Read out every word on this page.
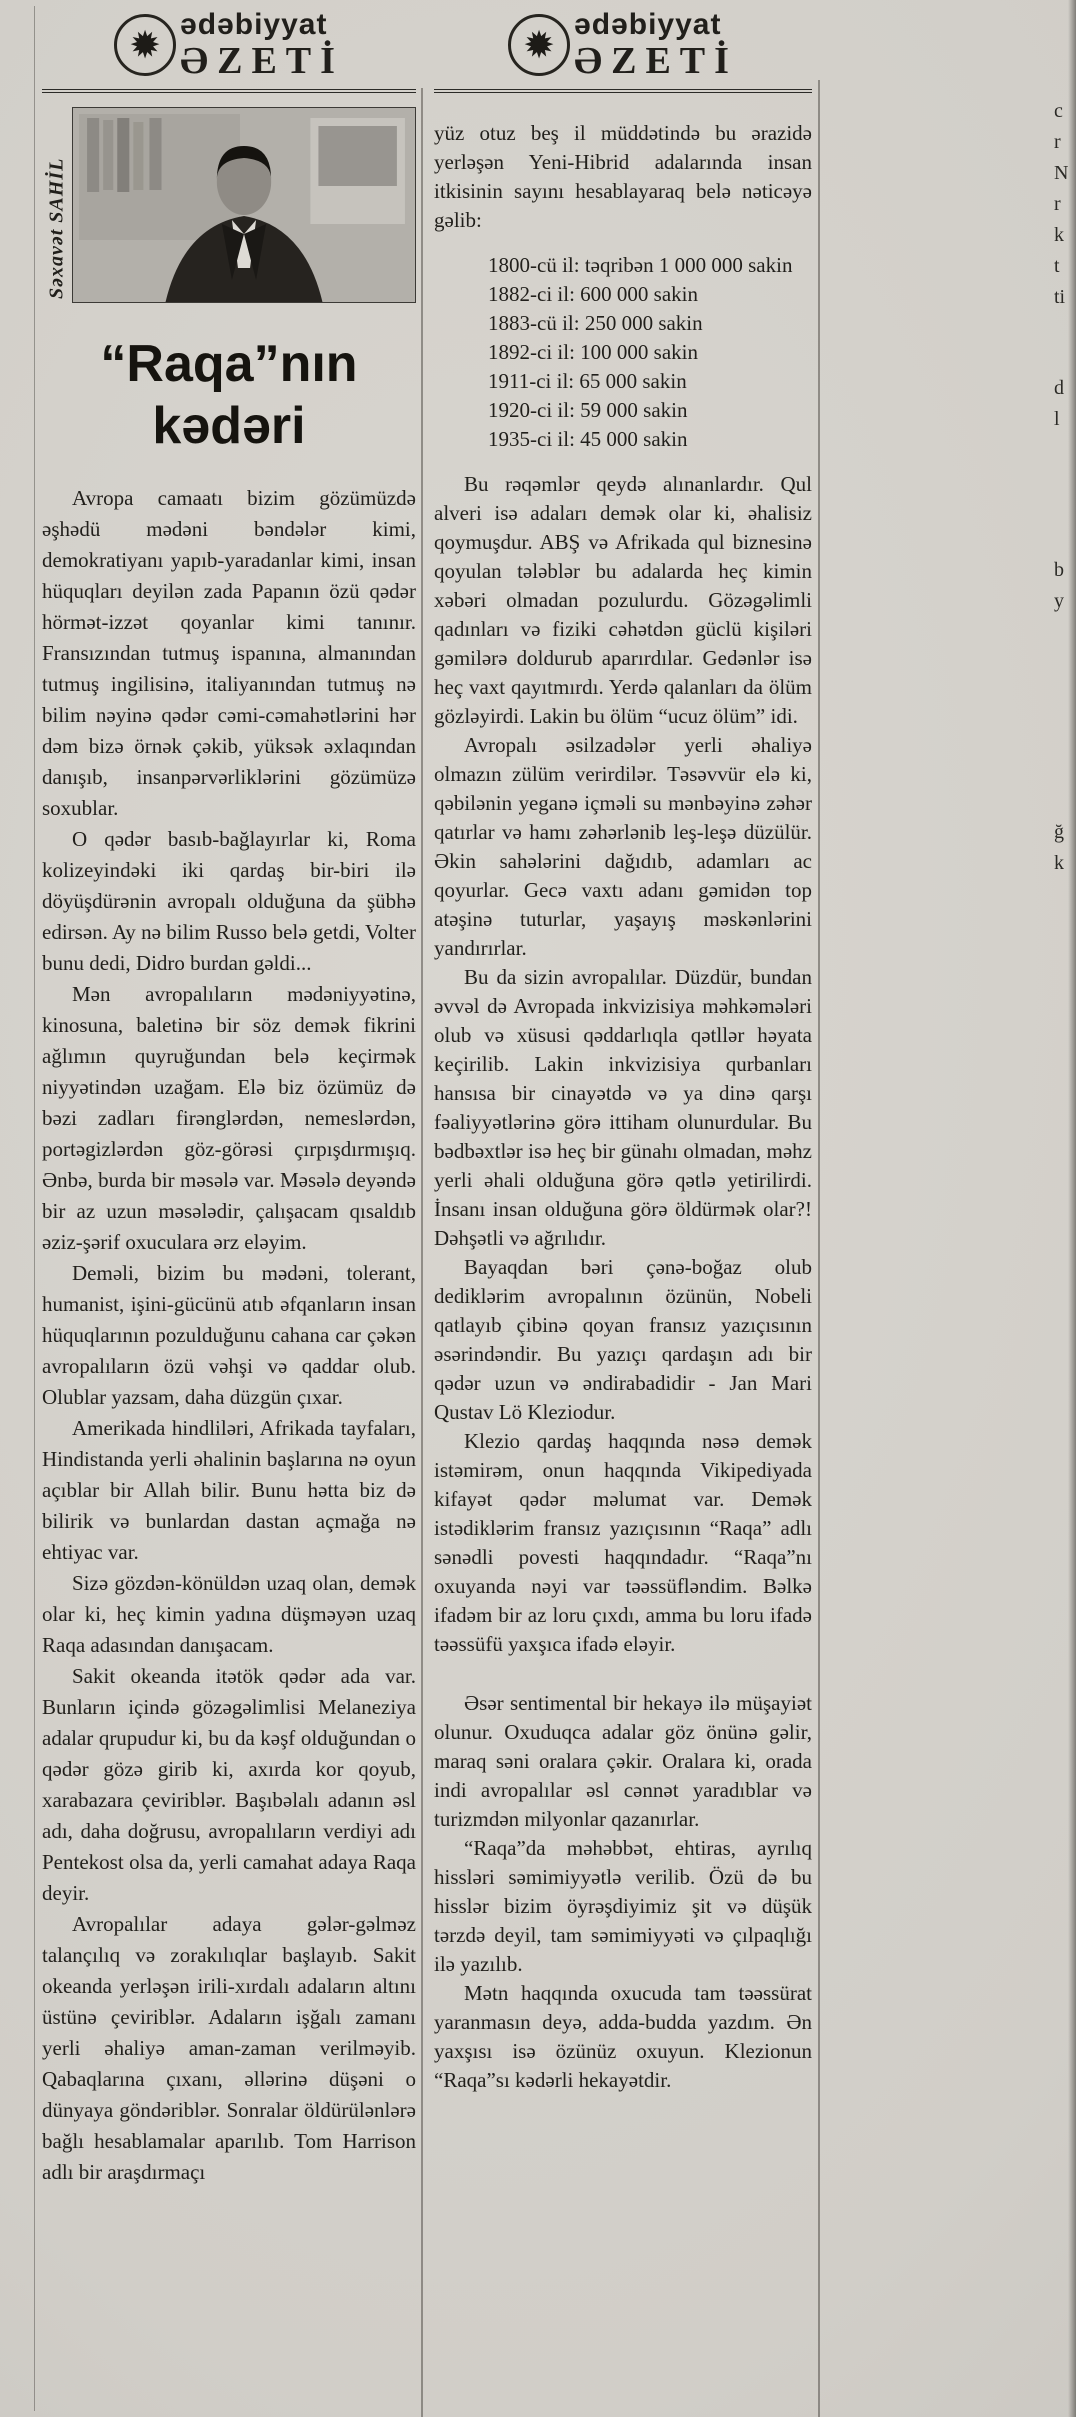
✹ ədəbiyyat
ƏZETİ
Səxavət SAHİL
“Raqa”nın
kədəri

Avropa camaatı bizim gözümüzdə əşhədü mədəni bəndələr kimi, demokratiyanı yapıb-yaradanlar kimi, insan hüquqları deyilən zada Papanın özü qədər hörmət-izzət qoyanlar kimi tanınır. Fransızından tutmuş ispanına, almanından tutmuş ingilisinə, italiyanından tutmuş nə bilim nəyinə qədər cəmi-cəmahətlərini hər dəm bizə örnək çəkib, yüksək əxlaqından danışıb, insanpərvərliklərini gözümüzə soxublar.

O qədər basıb-bağlayırlar ki, Roma kolizeyindəki iki qardaş bir-biri ilə döyüşdürənin avropalı olduğuna da şübhə edirsən. Ay nə bilim Russo belə getdi, Volter bunu dedi, Didro burdan gəldi...

Mən avropalıların mədəniyyətinə, kinosuna, baletinə bir söz demək fikrini ağlımın quyruğundan belə keçirmək niyyətindən uzağam. Elə biz özümüz də bəzi zadları firənglərdən, nemeslərdən, portəgizlərdən göz-görəsi çırpışdırmışıq. Ənbə, burda bir məsələ var. Məsələ deyəndə bir az uzun məsələdir, çalışacam qısaldıb əziz-şərif oxuculara ərz eləyim.

Deməli, bizim bu mədəni, tolerant, humanist, işini-gücünü atıb əfqanların insan hüquqlarının pozulduğunu cahana car çəkən avropalıların özü vəhşi və qaddar olub. Olublar yazsam, daha düzgün çıxar.

Amerikada hindliləri, Afrikada tayfaları, Hindistanda yerli əhalinin başlarına nə oyun açıblar bir Allah bilir. Bunu hətta biz də bilirik və bunlardan dastan açmağa nə ehtiyac var.

Sizə gözdən-könüldən uzaq olan, demək olar ki, heç kimin yadına düşməyən uzaq Raqa adasından danışacam.

Sakit okeanda itətök qədər ada var. Bunların içində gözəgəlimlisi Melaneziya adalar qrupudur ki, bu da kəşf olduğundan o qədər gözə girib ki, axırda kor qoyub, xarabazara çeviriblər. Başıbəlalı adanın əsl adı, daha doğrusu, avropalıların verdiyi adı Pentekost olsa da, yerli camahat adaya Raqa deyir.

Avropalılar adaya gələr-gəlməz talançılıq və zorakılıqlar başlayıb. Sakit okeanda yerləşən irili-xırdalı adaların altını üstünə çeviriblər. Adaların işğalı zamanı yerli əhaliyə aman-zaman verilməyib. Qabaqlarına çıxanı, əllərinə düşəni o dünyaya göndəriblər. Sonralar öldürülənlərə bağlı hesablamalar aparılıb. Tom Harrison adlı bir araşdırmaçı

✹ ədəbiyyat
ƏZETİ

yüz otuz beş il müddətində bu ərazidə yerləşən Yeni-Hibrid adalarında insan itkisinin sayını hesablayaraq belə nəticəyə gəlib:

1800-cü il: təqribən 1 000 000 sakin
1882-ci il: 600 000 sakin
1883-cü il: 250 000 sakin
1892-ci il: 100 000 sakin
1911-ci il: 65 000 sakin
1920-ci il: 59 000 sakin
1935-ci il: 45 000 sakin

Bu rəqəmlər qeydə alınanlardır. Qul alveri isə adaları demək olar ki, əhalisiz qoymuşdur. ABŞ və Afrikada qul biznesinə qoyulan tələblər bu adalarda heç kimin xəbəri olmadan pozulurdu. Gözəgəlimli qadınları və fiziki cəhətdən güclü kişiləri gəmilərə doldurub aparırdılar. Gedənlər isə heç vaxt qayıtmırdı. Yerdə qalanları da ölüm gözləyirdi. Lakin bu ölüm “ucuz ölüm” idi.

Avropalı əsilzadələr yerli əhaliyə olmazın zülüm verirdilər. Təsəvvür elə ki, qəbilənin yeganə içməli su mənbəyinə zəhər qatırlar və hamı zəhərlənib leş-leşə düzülür. Əkin sahələrini dağıdıb, adamları ac qoyurlar. Gecə vaxtı adanı gəmidən top atəşinə tuturlar, yaşayış məskənlərini yandırırlar.

Bu da sizin avropalılar. Düzdür, bundan əvvəl də Avropada inkvizisiya məhkəmələri olub və xüsusi qəddarlıqla qətllər həyata keçirilib. Lakin inkvizisiya qurbanları hansısa bir cinayətdə və ya dinə qarşı fəaliyyətlərinə görə ittiham olunurdular. Bu bədbəxtlər isə heç bir günahı olmadan, məhz yerli əhali olduğuna görə qətlə yetirilirdi. İnsanı insan olduğuna görə öldürmək olar?! Dəhşətli və ağrılıdır.

Bayaqdan bəri çənə-boğaz olub dediklərim avropalının özünün, Nobeli qatlayıb çibinə qoyan fransız yazıçısının əsərindəndir. Bu yazıçı qardaşın adı bir qədər uzun və əndirabadidir - Jan Mari Qustav Lö Kleziodur.

Klezio qardaş haqqında nəsə demək istəmirəm, onun haqqında Vikipediyada kifayət qədər məlumat var. Demək istədiklərim fransız yazıçısının “Raqa” adlı sənədli povesti haqqındadır. “Raqa”nı oxuyanda nəyi var təəssüfləndim. Bəlkə ifadəm bir az loru çıxdı, amma bu loru ifadə təəssüfü yaxşıca ifadə eləyir.

Əsər sentimental bir hekayə ilə müşayiət olunur. Oxuduqca adalar göz önünə gəlir, maraq səni oralara çəkir. Oralara ki, orada indi avropalılar əsl cənnət yaradıblar və turizmdən milyonlar qazanırlar.

“Raqa”da məhəbbət, ehtiras, ayrılıq hissləri səmimiyyətlə verilib. Özü də bu hisslər bizim öyrəşdiyimiz şit və düşük tərzdə deyil, tam səmimiyyəti və çılpaqlığı ilə yazılıb.

Mətn haqqında oxucuda tam təəssürat yaranmasın deyə, adda-budda yazdım. Ən yaxşısı isə özünüz oxuyun. Klezionun “Raqa”sı kədərli hekayətdir.

c
r
N
r
k
t
ti
d
l
b
y
ğ
k
